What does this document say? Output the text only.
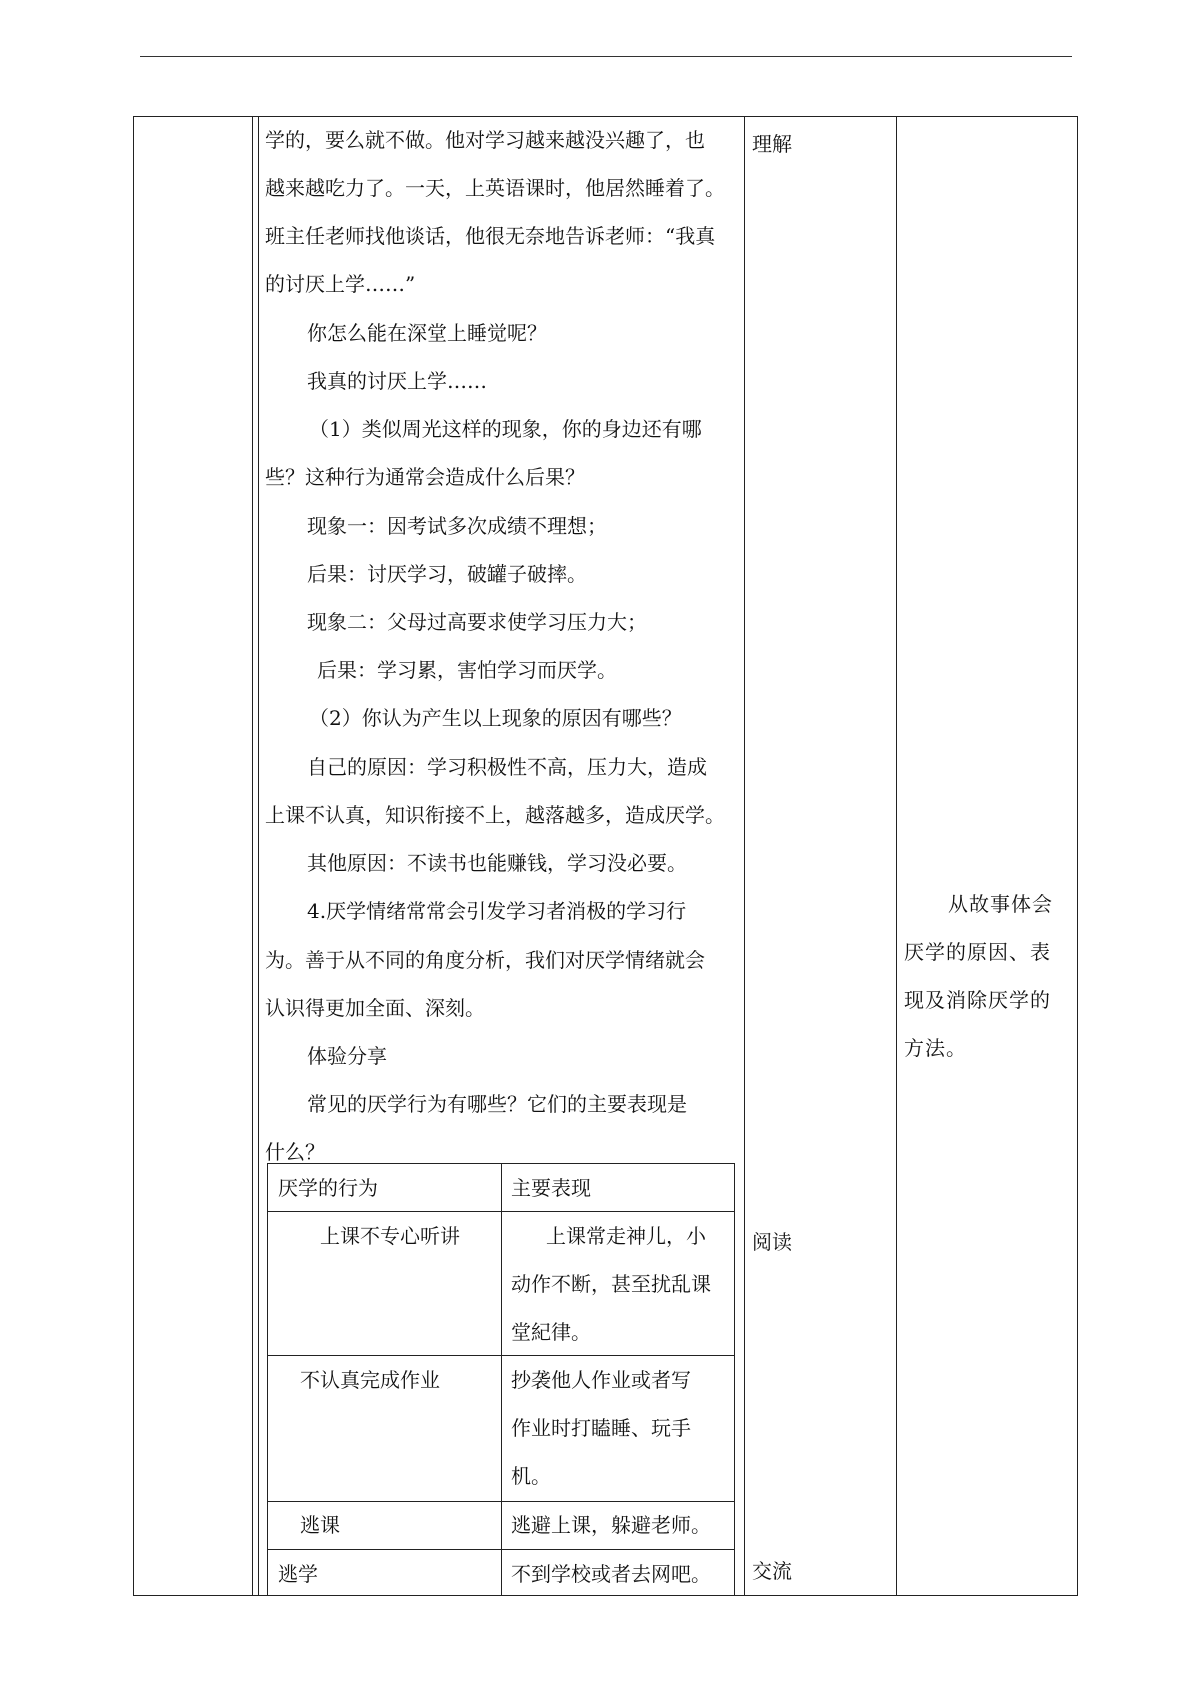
学的，要么就不做。他对学习越来越没兴趣了，也

越来越吃力了。一天，上英语课时，他居然睡着了。

班主任老师找他谈话，他很无奈地告诉老师：“我真

的讨厌上学……”

你怎么能在深堂上睡觉呢？

我真的讨厌上学……

（1）类似周光这样的现象，你的身边还有哪

些？这种行为通常会造成什么后果？

现象一：因考试多次成绩不理想；

后果：讨厌学习，破罐子破摔。

现象二：父母过高要求使学习压力大；

后果：学习累，害怕学习而厌学。

（2）你认为产生以上现象的原因有哪些？

自己的原因：学习积极性不高，压力大，造成

上课不认真，知识衔接不上，越落越多，造成厌学。

其他原因：不读书也能赚钱，学习没必要。

4.厌学情绪常常会引发学习者消极的学习行

为。善于从不同的角度分析，我们对厌学情绪就会

认识得更加全面、深刻。

体验分享

常见的厌学行为有哪些？它们的主要表现是

什么？

理解
阅读
交流

从故事体会

厌学的原因、表

现及消除厌学的

方法。

厌学的行为	主要表现
上课不专心听讲	上课常走神儿，小
动作不断，甚至扰乱课
堂紀律。
不认真完成作业	抄袭他人作业或者写
作业时打瞌睡、玩手
机。
逃课	逃避上课，躲避老师。
逃学	不到学校或者去网吧。
